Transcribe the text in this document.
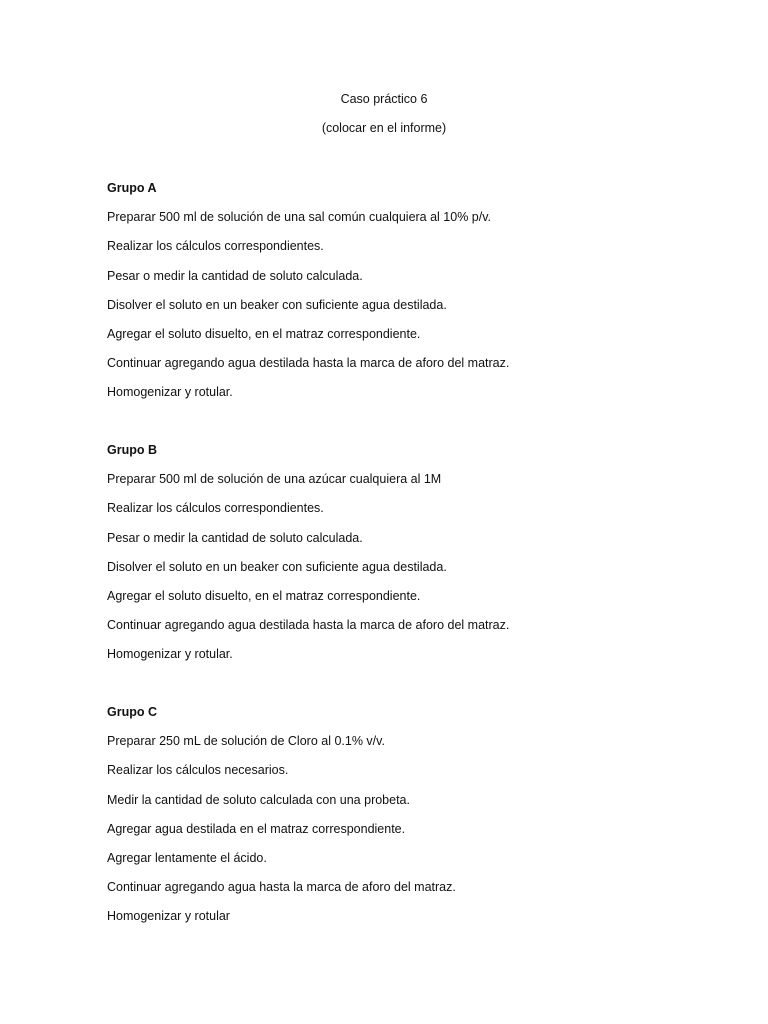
Caso práctico 6
(colocar en el informe)
Grupo A
Preparar 500 ml de solución de una sal común cualquiera al 10% p/v.
Realizar los cálculos correspondientes.
Pesar o medir la cantidad de soluto calculada.
Disolver el soluto en un beaker con suficiente agua destilada.
Agregar el soluto disuelto, en el matraz correspondiente.
Continuar agregando agua destilada hasta la marca de aforo del matraz.
Homogenizar y rotular.
Grupo B
Preparar 500 ml de solución de una azúcar cualquiera al 1M
Realizar los cálculos correspondientes.
Pesar o medir la cantidad de soluto calculada.
Disolver el soluto en un beaker con suficiente agua destilada.
Agregar el soluto disuelto, en el matraz correspondiente.
Continuar agregando agua destilada hasta la marca de aforo del matraz.
Homogenizar y rotular.
Grupo C
Preparar 250 mL de solución de Cloro al 0.1% v/v.
Realizar los cálculos necesarios.
Medir la cantidad de soluto calculada con una probeta.
Agregar agua destilada en el matraz correspondiente.
Agregar lentamente el ácido.
Continuar agregando agua hasta la marca de aforo del matraz.
Homogenizar y rotular
